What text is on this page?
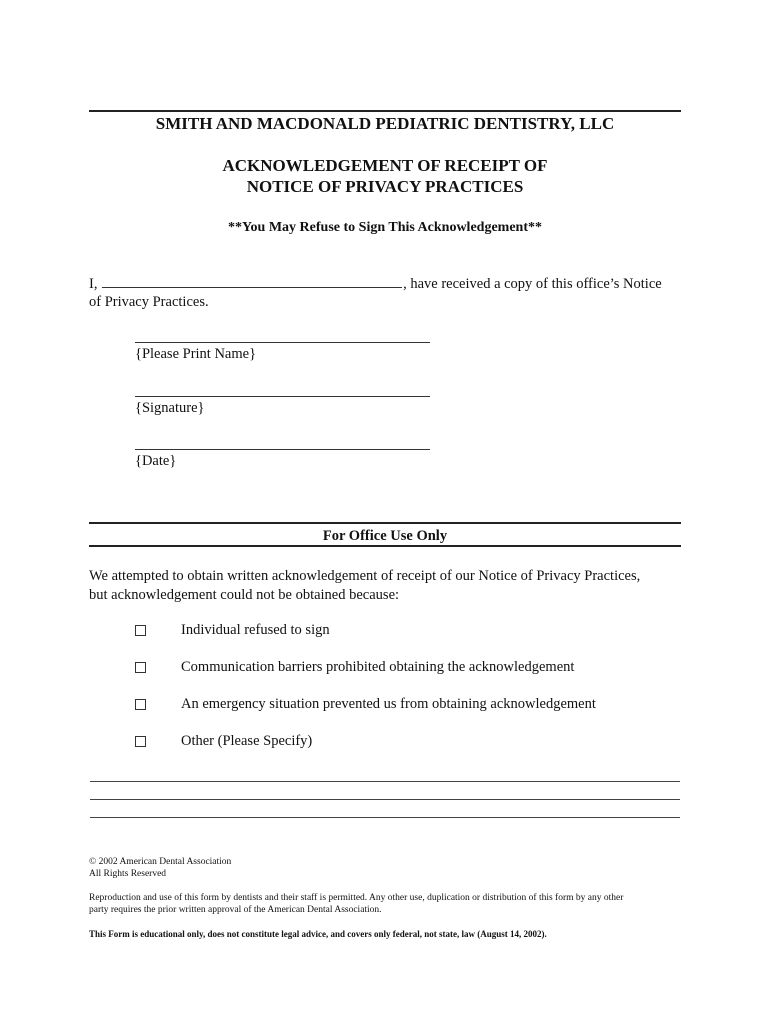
SMITH AND MACDONALD PEDIATRIC DENTISTRY, LLC
ACKNOWLEDGEMENT OF RECEIPT OF
NOTICE OF PRIVACY PRACTICES
**You May Refuse to Sign This Acknowledgement**
I,	, have received a copy of this office’s Notice
of Privacy Practices.
{Please Print Name}
{Signature}
{Date}
For Office Use Only
We attempted to obtain written acknowledgement of receipt of our Notice of Privacy Practices,
but acknowledgement could not be obtained because:
Individual refused to sign
Communication barriers prohibited obtaining the acknowledgement
An emergency situation prevented us from obtaining acknowledgement
Other (Please Specify)
© 2002 American Dental Association
All Rights Reserved
Reproduction and use of this form by dentists and their staff is permitted. Any other use, duplication or distribution of this form by any other
party requires the prior written approval of the American Dental Association.
This Form is educational only, does not constitute legal advice, and covers only federal, not state, law (August 14, 2002).
